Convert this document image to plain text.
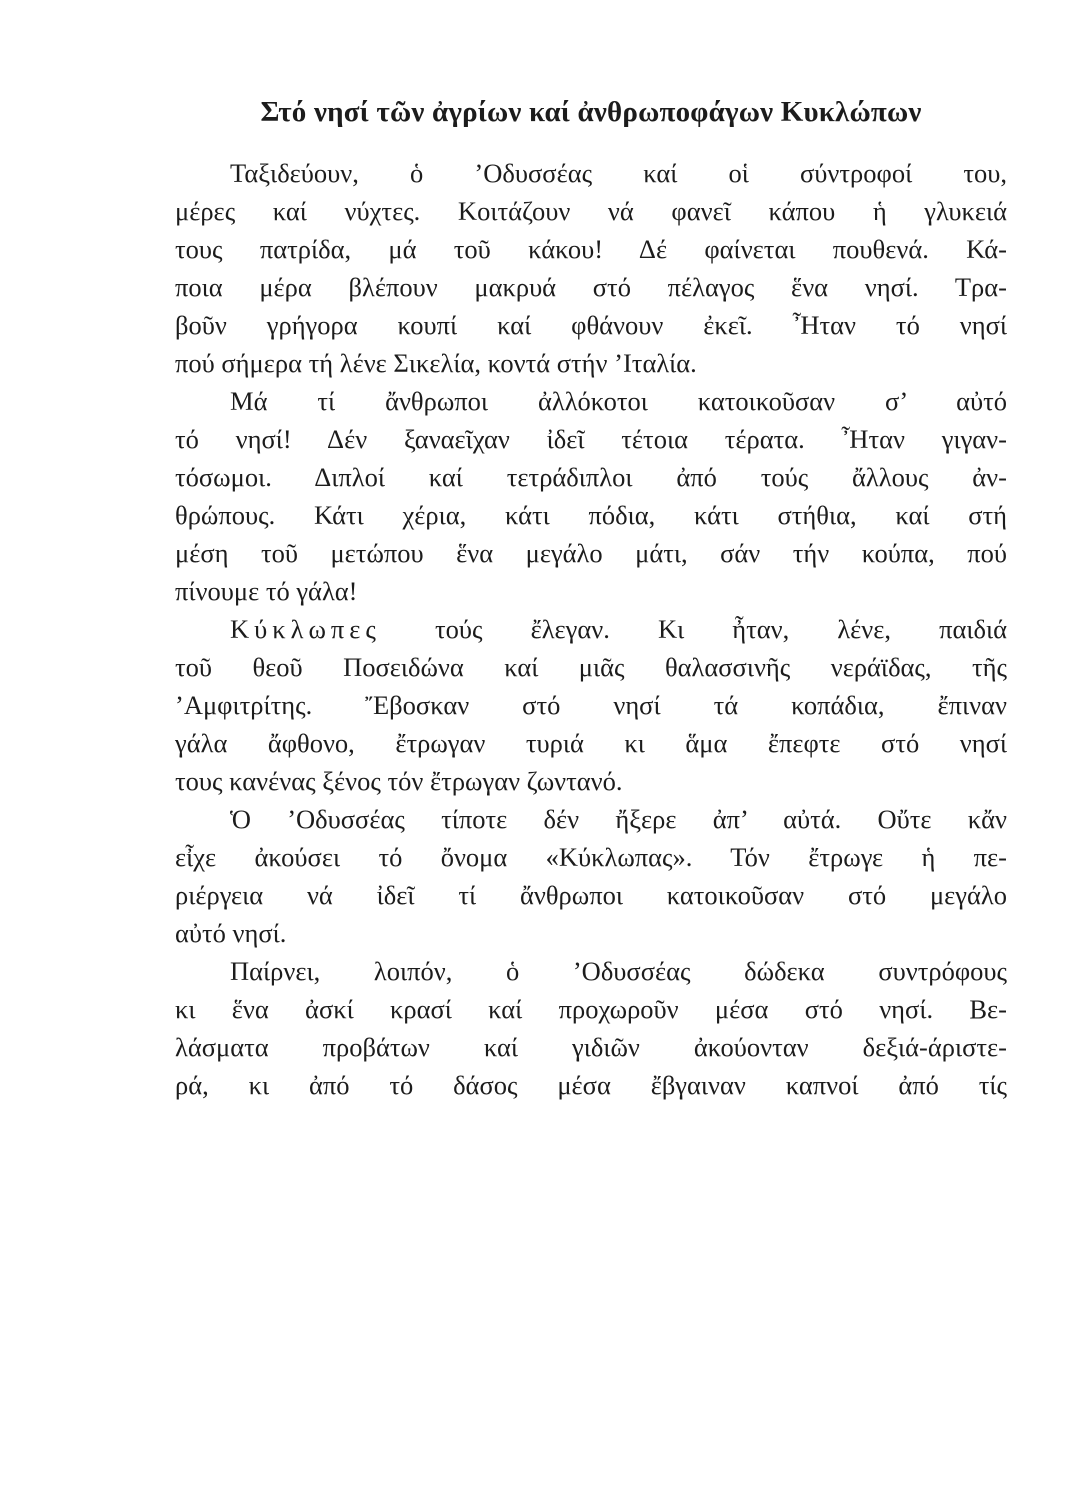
Στό νησί τῶν ἀγρίων καί ἀνθρωποφάγων Κυκλώπων
Ταξιδεύουν, ὁ ’Οδυσσέας καί οἱ σύντροφοί του,
μέρες καί νύχτες. Κοιτάζουν νά φανεῖ κάπου ἡ γλυκειά
τους πατρίδα, μά τοῦ κάκου! Δέ φαίνεται πουθενά. Κά-
ποια μέρα βλέπουν μακρυά στό πέλαγος ἕνα νησί. Τρα-
βοῦν γρήγορα κουπί καί φθάνουν ἐκεῖ. Ἦταν τό νησί
πού σήμερα τή λένε Σικελία, κοντά στήν ’Ιταλία.
Μά τί ἄνθρωποι ἀλλόκοτοι κατοικοῦσαν σ’ αὐτό
τό νησί! Δέν ξαναεῖχαν ἰδεῖ τέτοια τέρατα. Ἦταν γιγαν-
τόσωμοι. Διπλοί καί τετράδιπλοι ἀπό τούς ἄλλους ἀν-
θρώπους. Κάτι χέρια, κάτι πόδια, κάτι στήθια, καί στή
μέση τοῦ μετώπου ἕνα μεγάλο μάτι, σάν τήν κούπα, πού
πίνουμε τό γάλα!
Κύκλωπες τούς ἔλεγαν. Κι ἦταν, λένε, παιδιά
τοῦ θεοῦ Ποσειδώνα καί μιᾶς θαλασσινῆς νεράϊδας, τῆς
’Αμφιτρίτης. Ἔβοσκαν στό νησί τά κοπάδια, ἔπιναν
γάλα ἄφθονο, ἔτρωγαν τυριά κι ἅμα ἔπεφτε στό νησί
τους κανένας ξένος τόν ἔτρωγαν ζωντανό.
Ὁ ’Οδυσσέας τίποτε δέν ἤξερε ἀπ’ αὐτά. Οὔτε κἄν
εἶχε ἀκούσει τό ὄνομα «Κύκλωπας». Τόν ἔτρωγε ἡ πε-
ριέργεια νά ἰδεῖ τί ἄνθρωποι κατοικοῦσαν στό μεγάλο
αὐτό νησί.
Παίρνει, λοιπόν, ὁ ’Οδυσσέας δώδεκα συντρόφους
κι ἕνα ἀσκί κρασί καί προχωροῦν μέσα στό νησί. Βε-
λάσματα προβάτων καί γιδιῶν ἀκούονταν δεξιά-άριστε-
ρά, κι ἀπό τό δάσος μέσα ἔβγαιναν καπνοί ἀπό τίς
